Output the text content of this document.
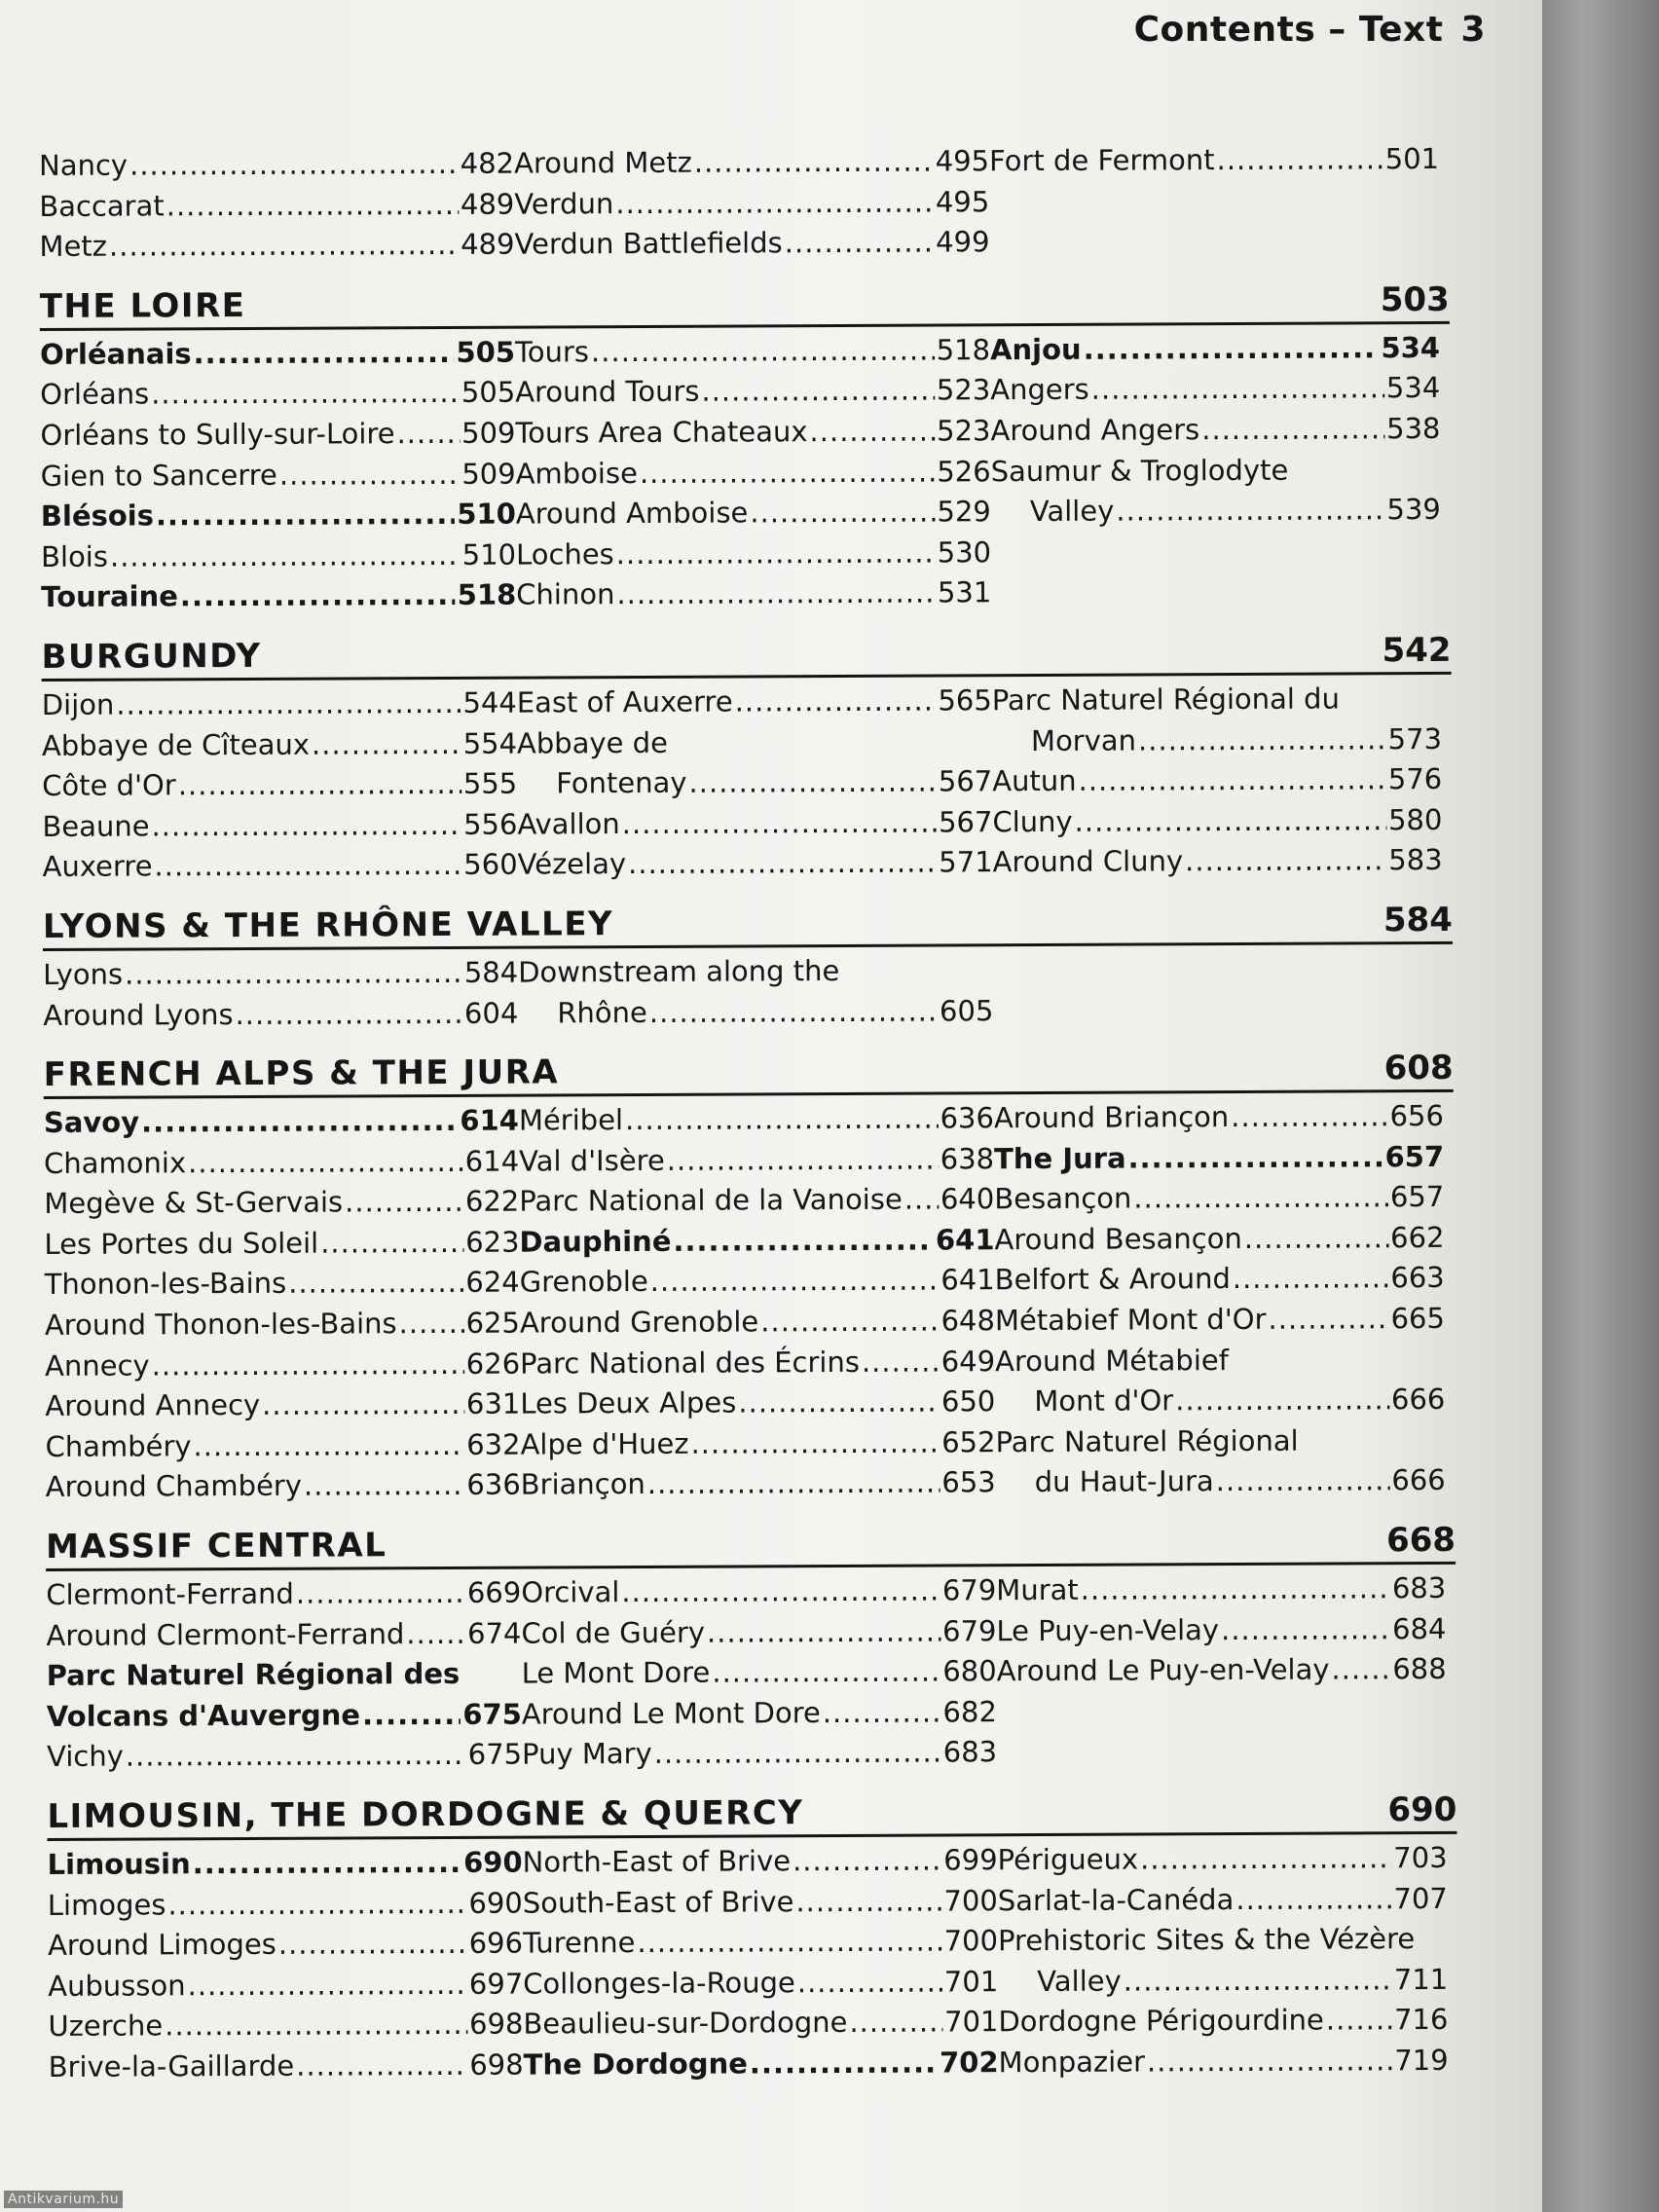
Contents – Text 3
Nancy .....	482
Baccarat .....	489
Metz .....	489
Around Metz .....	495
Verdun .....	495
Verdun Battlefields .....	499
Fort de Fermont .....	501
THE LOIRE	503
Orléanais .....	505
Orléans .....	505
Orléans to Sully-sur-Loire ..... 509
Gien to Sancerre .....	509
Blésois .....	510
Blois .....	510
Touraine .....	518
Tours .....	518
Around Tours .....	523
Tours Area Chateaux .....	523
Amboise .....	526
Around Amboise .....	529
Loches .....	530
Chinon .....	531
Anjou .....	534
Angers .....	534
Around Angers .....	538
Saumur & Troglodyte
Valley .....	539
BURGUNDY	542
Dijon .....	544
Abbaye de Cîteaux .....	554
Côte d'Or .....	555
Beaune .....	556
Auxerre .....	560
East of Auxerre .....	565
Abbaye de
Fontenay .....	567
Avallon .....	567
Vézelay .....	571
Parc Naturel Régional du
Morvan .....	573
Autun .....	576
Cluny .....	580
Around Cluny .....	583
LYONS & THE RHÔNE VALLEY	584
Lyons .....	584
Around Lyons .....	604
Downstream along the
Rhône .....	605
FRENCH ALPS & THE JURA	608
Savoy .....	614
Chamonix .....	614
Megève & St-Gervais .....	622
Les Portes du Soleil .....	623
Thonon-les-Bains .....	624
Around Thonon-les-Bains ..... 625
Annecy .....	626
Around Annecy .....	631
Chambéry .....	632
Around Chambéry .....	636
Méribel .....	636
Val d'Isère .....	638
Parc National de la Vanoise ..... 640
Dauphiné .....	641
Grenoble .....	641
Around Grenoble .....	648
Parc National des Écrins .....	649
Les Deux Alpes .....	650
Alpe d'Huez .....	652
Briançon .....	653
Around Briançon .....	656
The Jura .....	657
Besançon .....	657
Around Besançon .....	662
Belfort & Around .....	663
Métabief Mont d'Or .....	665
Around Métabief
Mont d'Or .....	666
Parc Naturel Régional
du Haut-Jura .....	666
MASSIF CENTRAL	668
Clermont-Ferrand .....	669
Around Clermont-Ferrand ..... 674
Parc Naturel Régional des
Volcans d'Auvergne .....	675
Vichy .....	675
Orcival .....	679
Col de Guéry .....	679
Le Mont Dore .....	680
Around Le Mont Dore .....	682
Puy Mary .....	683
Murat .....	683
Le Puy-en-Velay .....	684
Around Le Puy-en-Velay ..... 688
LIMOUSIN, THE DORDOGNE & QUERCY	690
Limousin .....	690
Limoges .....	690
Around Limoges .....	696
Aubusson .....	697
Uzerche .....	698
Brive-la-Gaillarde .....	698
North-East of Brive .....	699
South-East of Brive .....	700
Turenne .....	700
Collonges-la-Rouge .....	701
Beaulieu-sur-Dordogne .....	701
The Dordogne .....	702
Périgueux .....	703
Sarlat-la-Canéda .....	707
Prehistoric Sites & the Vézère
Valley .....	711
Dordogne Périgourdine ..... 716
Monpazier .....	719
Antikvarium.hu
